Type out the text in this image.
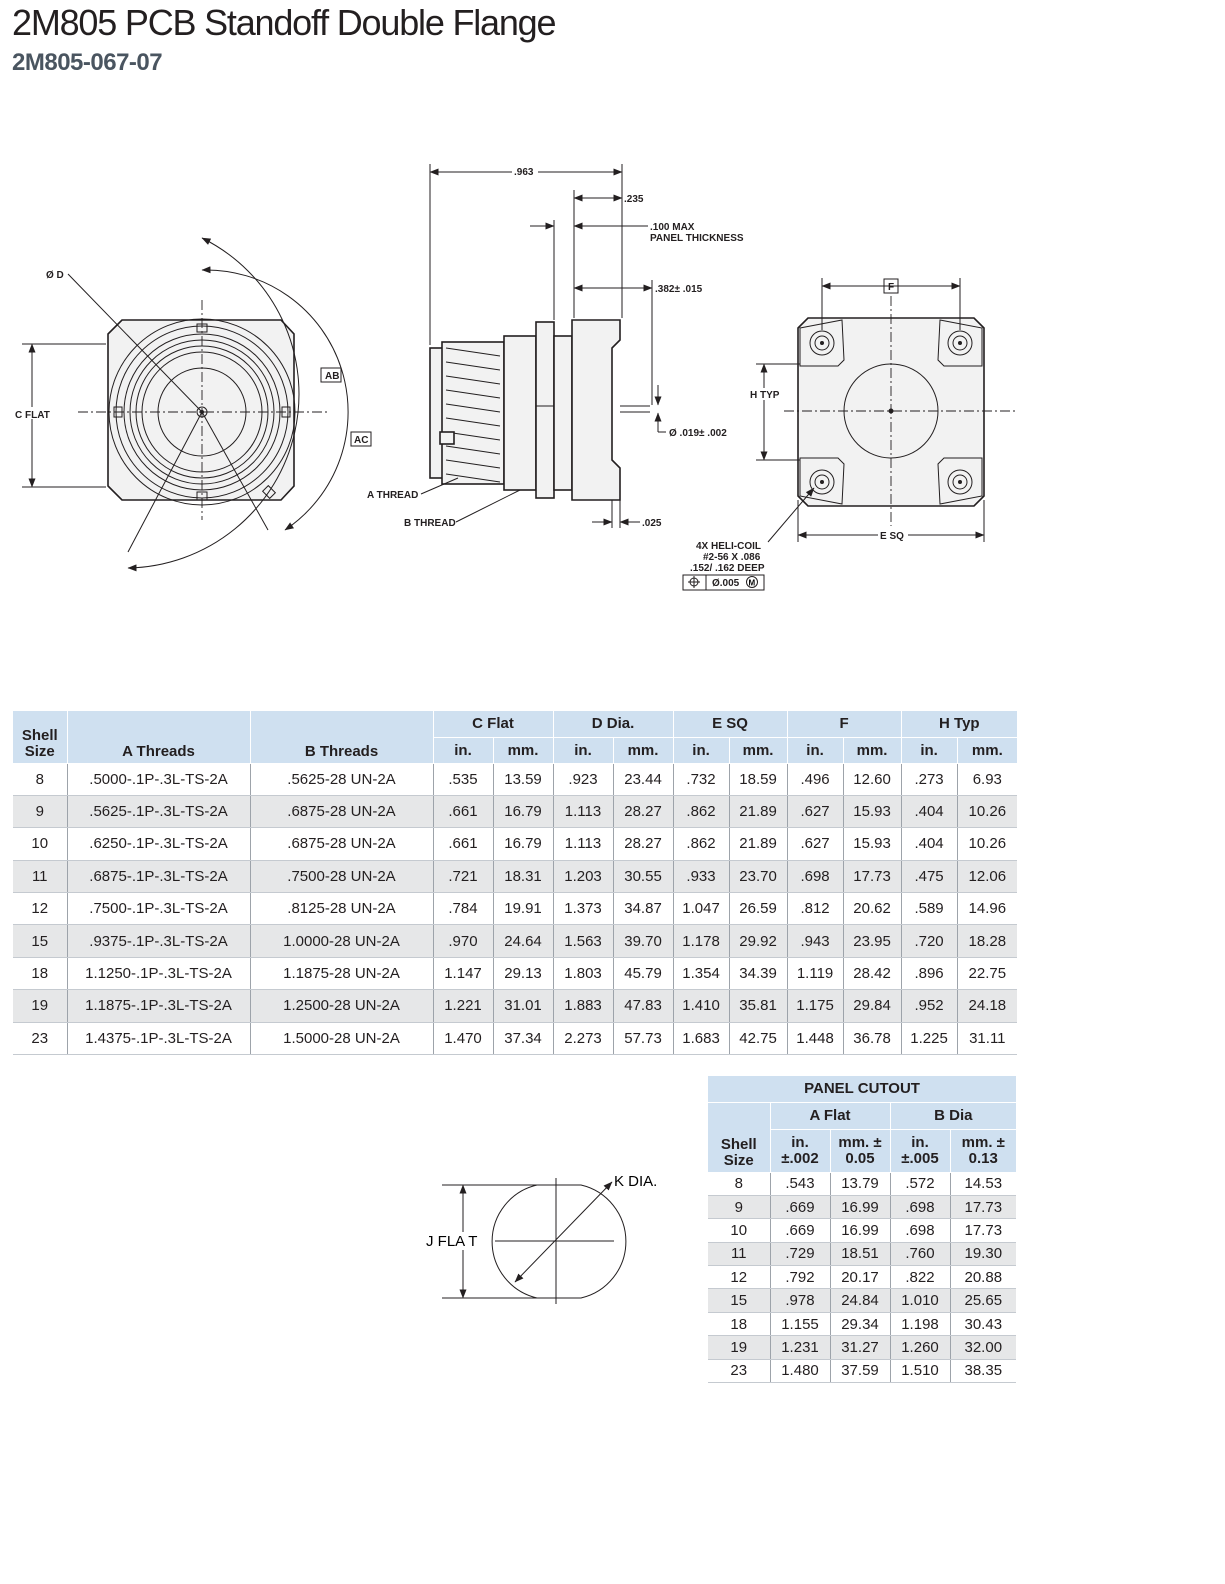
2M805 PCB Standoff Double Flange
2M805-067-07
C FLAT
Ø D
AB
AC
.963
.235
.100 MAX
PANEL THICKNESS
.382± .015
Ø .019± .002
A THREAD
B THREAD	.025
F
H TYP
E SQ
4X HELI-COIL
#2-56 X .086
.152/ .162 DEEP
Ø.005 M
J FLA T
K DIA.
Shell Size	A Threads	B Threads	C Flat		D Dia.		E SQ		F		H Typ	
			in.	mm.	in.	mm.	in.	mm.	in.	mm.	in.	mm.
8	.5000-.1P-.3L-TS-2A	.5625-28 UN-2A	.535	13.59	.923	23.44	.732	18.59	.496	12.60	.273	6.93
9	.5625-.1P-.3L-TS-2A	.6875-28 UN-2A	.661	16.79	1.113	28.27	.862	21.89	.627	15.93	.404	10.26
10	.6250-.1P-.3L-TS-2A	.6875-28 UN-2A	.661	16.79	1.113	28.27	.862	21.89	.627	15.93	.404	10.26
11	.6875-.1P-.3L-TS-2A	.7500-28 UN-2A	.721	18.31	1.203	30.55	.933	23.70	.698	17.73	.475	12.06
12	.7500-.1P-.3L-TS-2A	.8125-28 UN-2A	.784	19.91	1.373	34.87	1.047	26.59	.812	20.62	.589	14.96
15	.9375-.1P-.3L-TS-2A	1.0000-28 UN-2A	.970	24.64	1.563	39.70	1.178	29.92	.943	23.95	.720	18.28
18	1.1250-.1P-.3L-TS-2A	1.1875-28 UN-2A	1.147	29.13	1.803	45.79	1.354	34.39	1.119	28.42	.896	22.75
19	1.1875-.1P-.3L-TS-2A	1.2500-28 UN-2A	1.221	31.01	1.883	47.83	1.410	35.81	1.175	29.84	.952	24.18
23	1.4375-.1P-.3L-TS-2A	1.5000-28 UN-2A	1.470	37.34	2.273	57.73	1.683	42.75	1.448	36.78	1.225	31.11
PANEL CUTOUT				
Shell Size	A Flat		B Dia	
	in. ±.002	mm. ± 0.05	in. ±.005	mm. ± 0.13
8	.543	13.79	.572	14.53
9	.669	16.99	.698	17.73
10	.669	16.99	.698	17.73
11	.729	18.51	.760	19.30
12	.792	20.17	.822	20.88
15	.978	24.84	1.010	25.65
18	1.155	29.34	1.198	30.43
19	1.231	31.27	1.260	32.00
23	1.480	37.59	1.510	38.35
